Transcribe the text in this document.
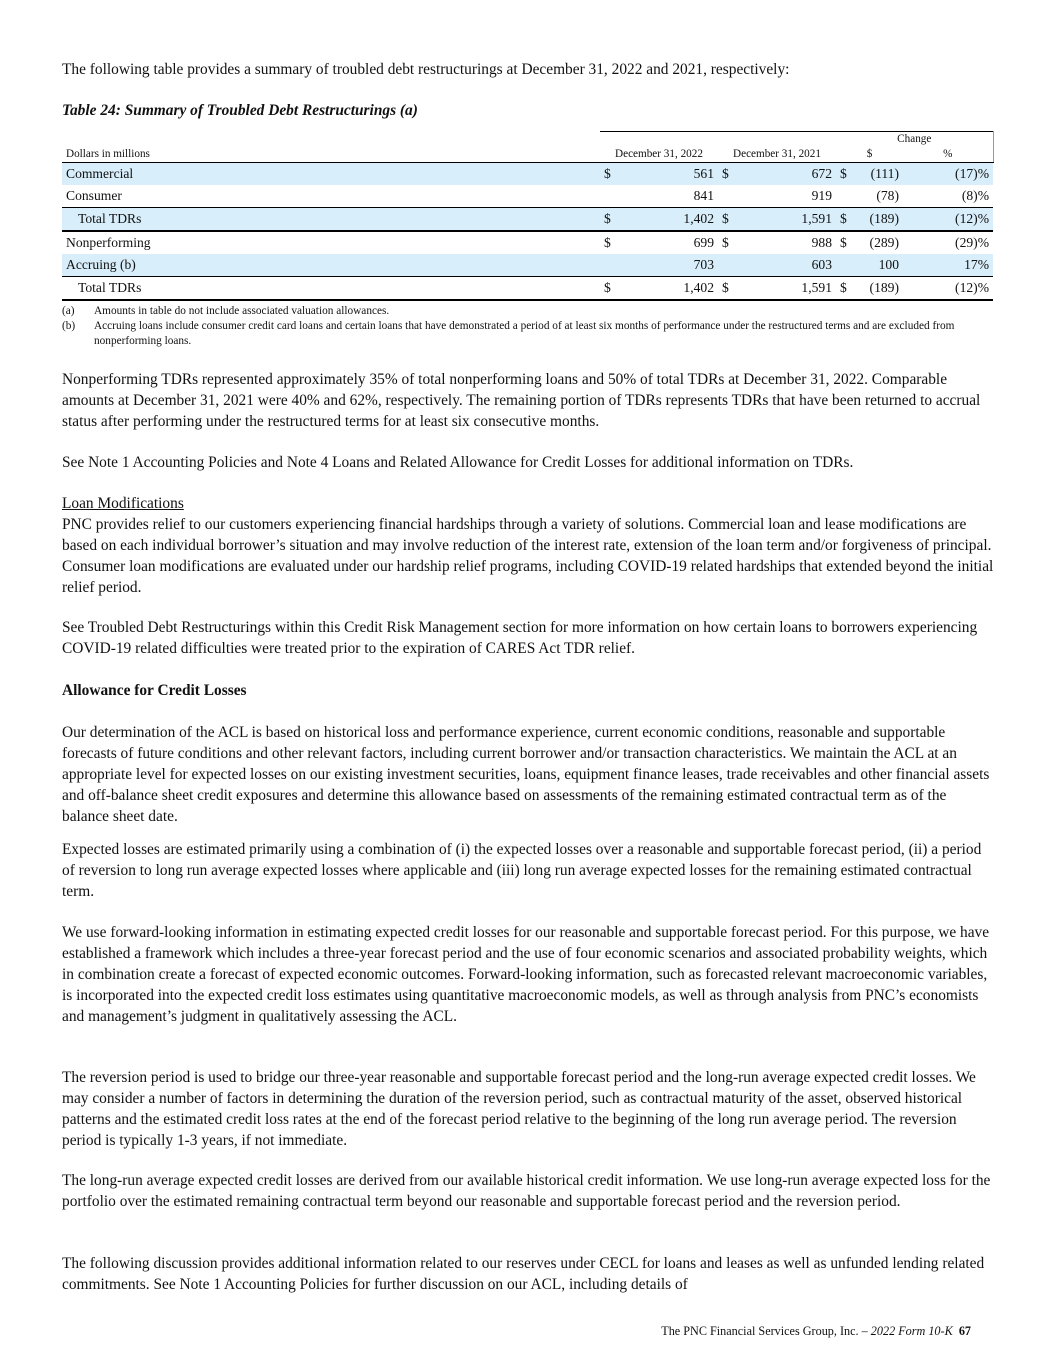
The following table provides a summary of troubled debt restructurings at December 31, 2022 and 2021, respectively:

Table 24: Summary of Troubled Debt Restructurings (a)

					Change		
Dollars in millions	December 31, 2022		December 31, 2021		$		%
Commercial	$	561	$	672	$	(111)	(17)%
Consumer		841		919		(78)	(8)%
Total TDRs	$	1,402	$	1,591	$	(189)	(12)%
Nonperforming	$	699	$	988	$	(289)	(29)%
Accruing (b)		703		603		100	17%
Total TDRs	$	1,402	$	1,591	$	(189)	(12)%
(a) Amounts in table do not include associated valuation allowances.
(b) Accruing loans include consumer credit card loans and certain loans that have demonstrated a period of at least six months of performance under the restructured terms and are excluded from nonperforming loans.

Nonperforming TDRs represented approximately 35% of total nonperforming loans and 50% of total TDRs at December 31, 2022. Comparable amounts at December 31, 2021 were 40% and 62%, respectively. The remaining portion of TDRs represents TDRs that have been returned to accrual status after performing under the restructured terms for at least six consecutive months.

See Note 1 Accounting Policies and Note 4 Loans and Related Allowance for Credit Losses for additional information on TDRs.

Loan Modifications

PNC provides relief to our customers experiencing financial hardships through a variety of solutions. Commercial loan and lease modifications are based on each individual borrower’s situation and may involve reduction of the interest rate, extension of the loan term and/or forgiveness of principal. Consumer loan modifications are evaluated under our hardship relief programs, including COVID-19 related hardships that extended beyond the initial relief period.

See Troubled Debt Restructurings within this Credit Risk Management section for more information on how certain loans to borrowers experiencing COVID-19 related difficulties were treated prior to the expiration of CARES Act TDR relief.

Allowance for Credit Losses

Our determination of the ACL is based on historical loss and performance experience, current economic conditions, reasonable and supportable forecasts of future conditions and other relevant factors, including current borrower and/or transaction characteristics. We maintain the ACL at an appropriate level for expected losses on our existing investment securities, loans, equipment finance leases, trade receivables and other financial assets and off-balance sheet credit exposures and determine this allowance based on assessments of the remaining estimated contractual term as of the balance sheet date.

Expected losses are estimated primarily using a combination of (i) the expected losses over a reasonable and supportable forecast period, (ii) a period of reversion to long run average expected losses where applicable and (iii) long run average expected losses for the remaining estimated contractual term.

We use forward-looking information in estimating expected credit losses for our reasonable and supportable forecast period. For this purpose, we have established a framework which includes a three-year forecast period and the use of four economic scenarios and associated probability weights, which in combination create a forecast of expected economic outcomes. Forward-looking information, such as forecasted relevant macroeconomic variables, is incorporated into the expected credit loss estimates using quantitative macroeconomic models, as well as through analysis from PNC’s economists and management’s judgment in qualitatively assessing the ACL.

The reversion period is used to bridge our three-year reasonable and supportable forecast period and the long-run average expected credit losses. We may consider a number of factors in determining the duration of the reversion period, such as contractual maturity of the asset, observed historical patterns and the estimated credit loss rates at the end of the forecast period relative to the beginning of the long run average period. The reversion period is typically 1-3 years, if not immediate.

The long-run average expected credit losses are derived from our available historical credit information. We use long-run average expected loss for the portfolio over the estimated remaining contractual term beyond our reasonable and supportable forecast period and the reversion period.

The following discussion provides additional information related to our reserves under CECL for loans and leases as well as unfunded lending related commitments. See Note 1 Accounting Policies for further discussion on our ACL, including details of

The PNC Financial Services Group, Inc. – 2022 Form 10-K 67
